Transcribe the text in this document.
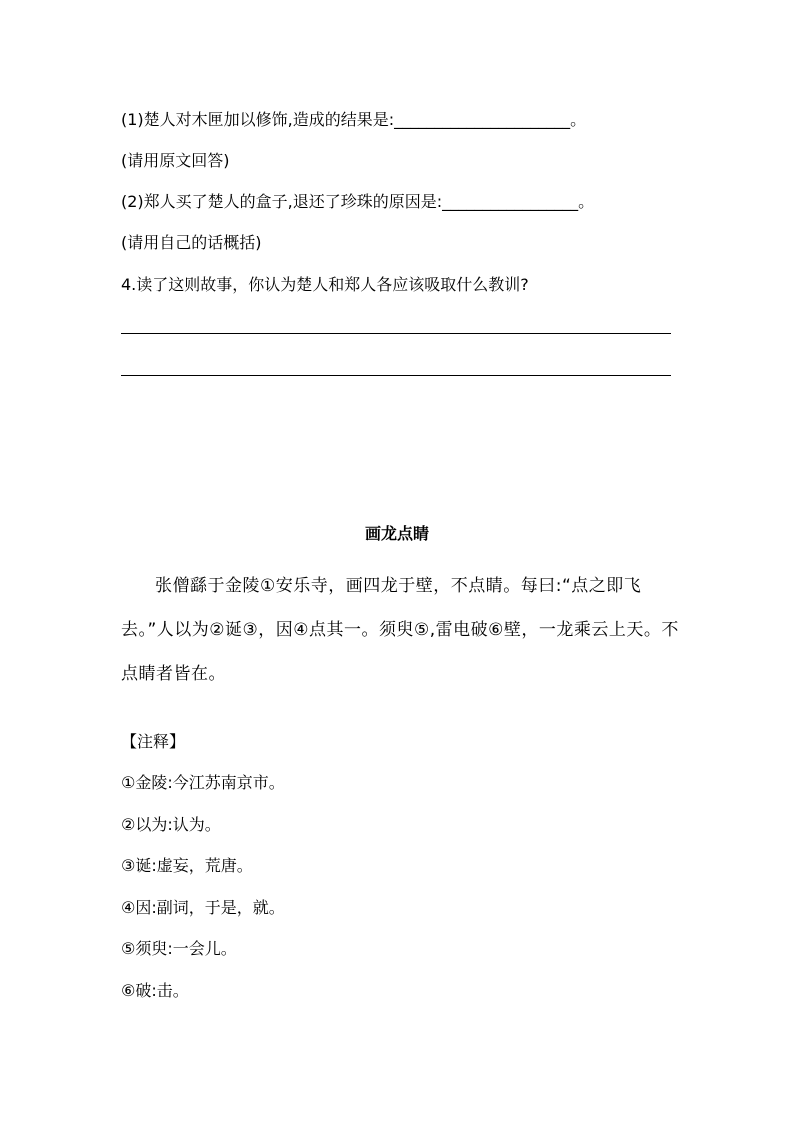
(1)楚人对木匣加以修饰,造成的结果是:______________________。
(请用原文回答)
(2)郑人买了楚人的盒子,退还了珍珠的原因是:_________________。
(请用自己的话概括)
4.读了这则故事，你认为楚人和郑人各应该吸取什么教训?
画龙点睛
张僧繇于金陵①安乐寺，画四龙于壁，不点睛。每曰:“点之即飞去。”人以为②诞③，因④点其一。须臾⑤,雷电破⑥壁，一龙乘云上天。不点睛者皆在。
【注释】
①金陵:今江苏南京市。
②以为:认为。
③诞:虚妄，荒唐。
④因:副词，于是，就。
⑤须臾:一会儿。
⑥破:击。
